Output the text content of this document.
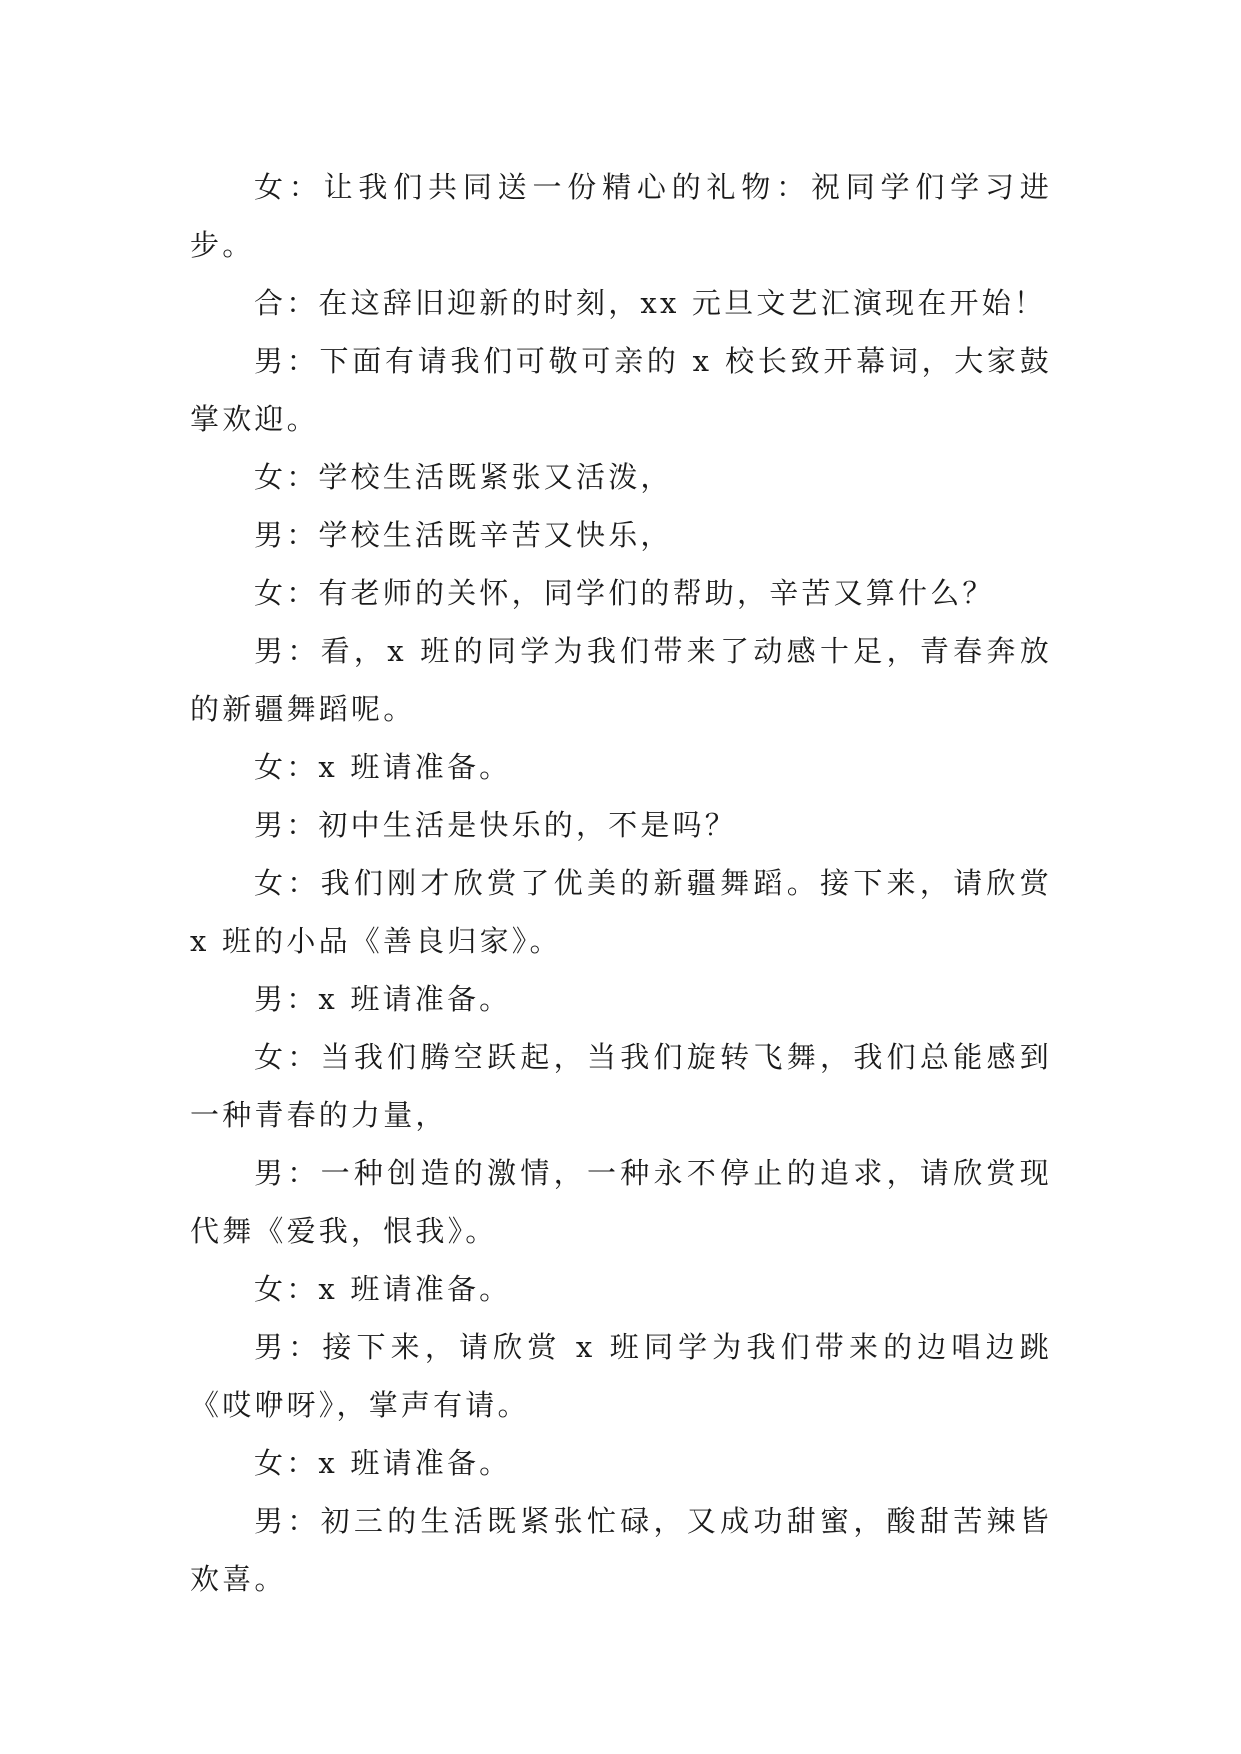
女：让我们共同送一份精心的礼物：祝同学们学习进步。

合：在这辞旧迎新的时刻，xx 元旦文艺汇演现在开始！

男：下面有请我们可敬可亲的 x 校长致开幕词，大家鼓掌欢迎。

女：学校生活既紧张又活泼，

男：学校生活既辛苦又快乐，

女：有老师的关怀，同学们的帮助，辛苦又算什么？

男：看，x 班的同学为我们带来了动感十足，青春奔放的新疆舞蹈呢。

女：x 班请准备。

男：初中生活是快乐的，不是吗？

女：我们刚才欣赏了优美的新疆舞蹈。接下来，请欣赏 x 班的小品《善良归家》。

男：x 班请准备。

女：当我们腾空跃起，当我们旋转飞舞，我们总能感到一种青春的力量，

男：一种创造的激情，一种永不停止的追求，请欣赏现代舞《爱我，恨我》。

女：x 班请准备。

男：接下来，请欣赏 x 班同学为我们带来的边唱边跳《哎咿呀》，掌声有请。

女：x 班请准备。

男：初三的生活既紧张忙碌，又成功甜蜜，酸甜苦辣皆欢喜。
